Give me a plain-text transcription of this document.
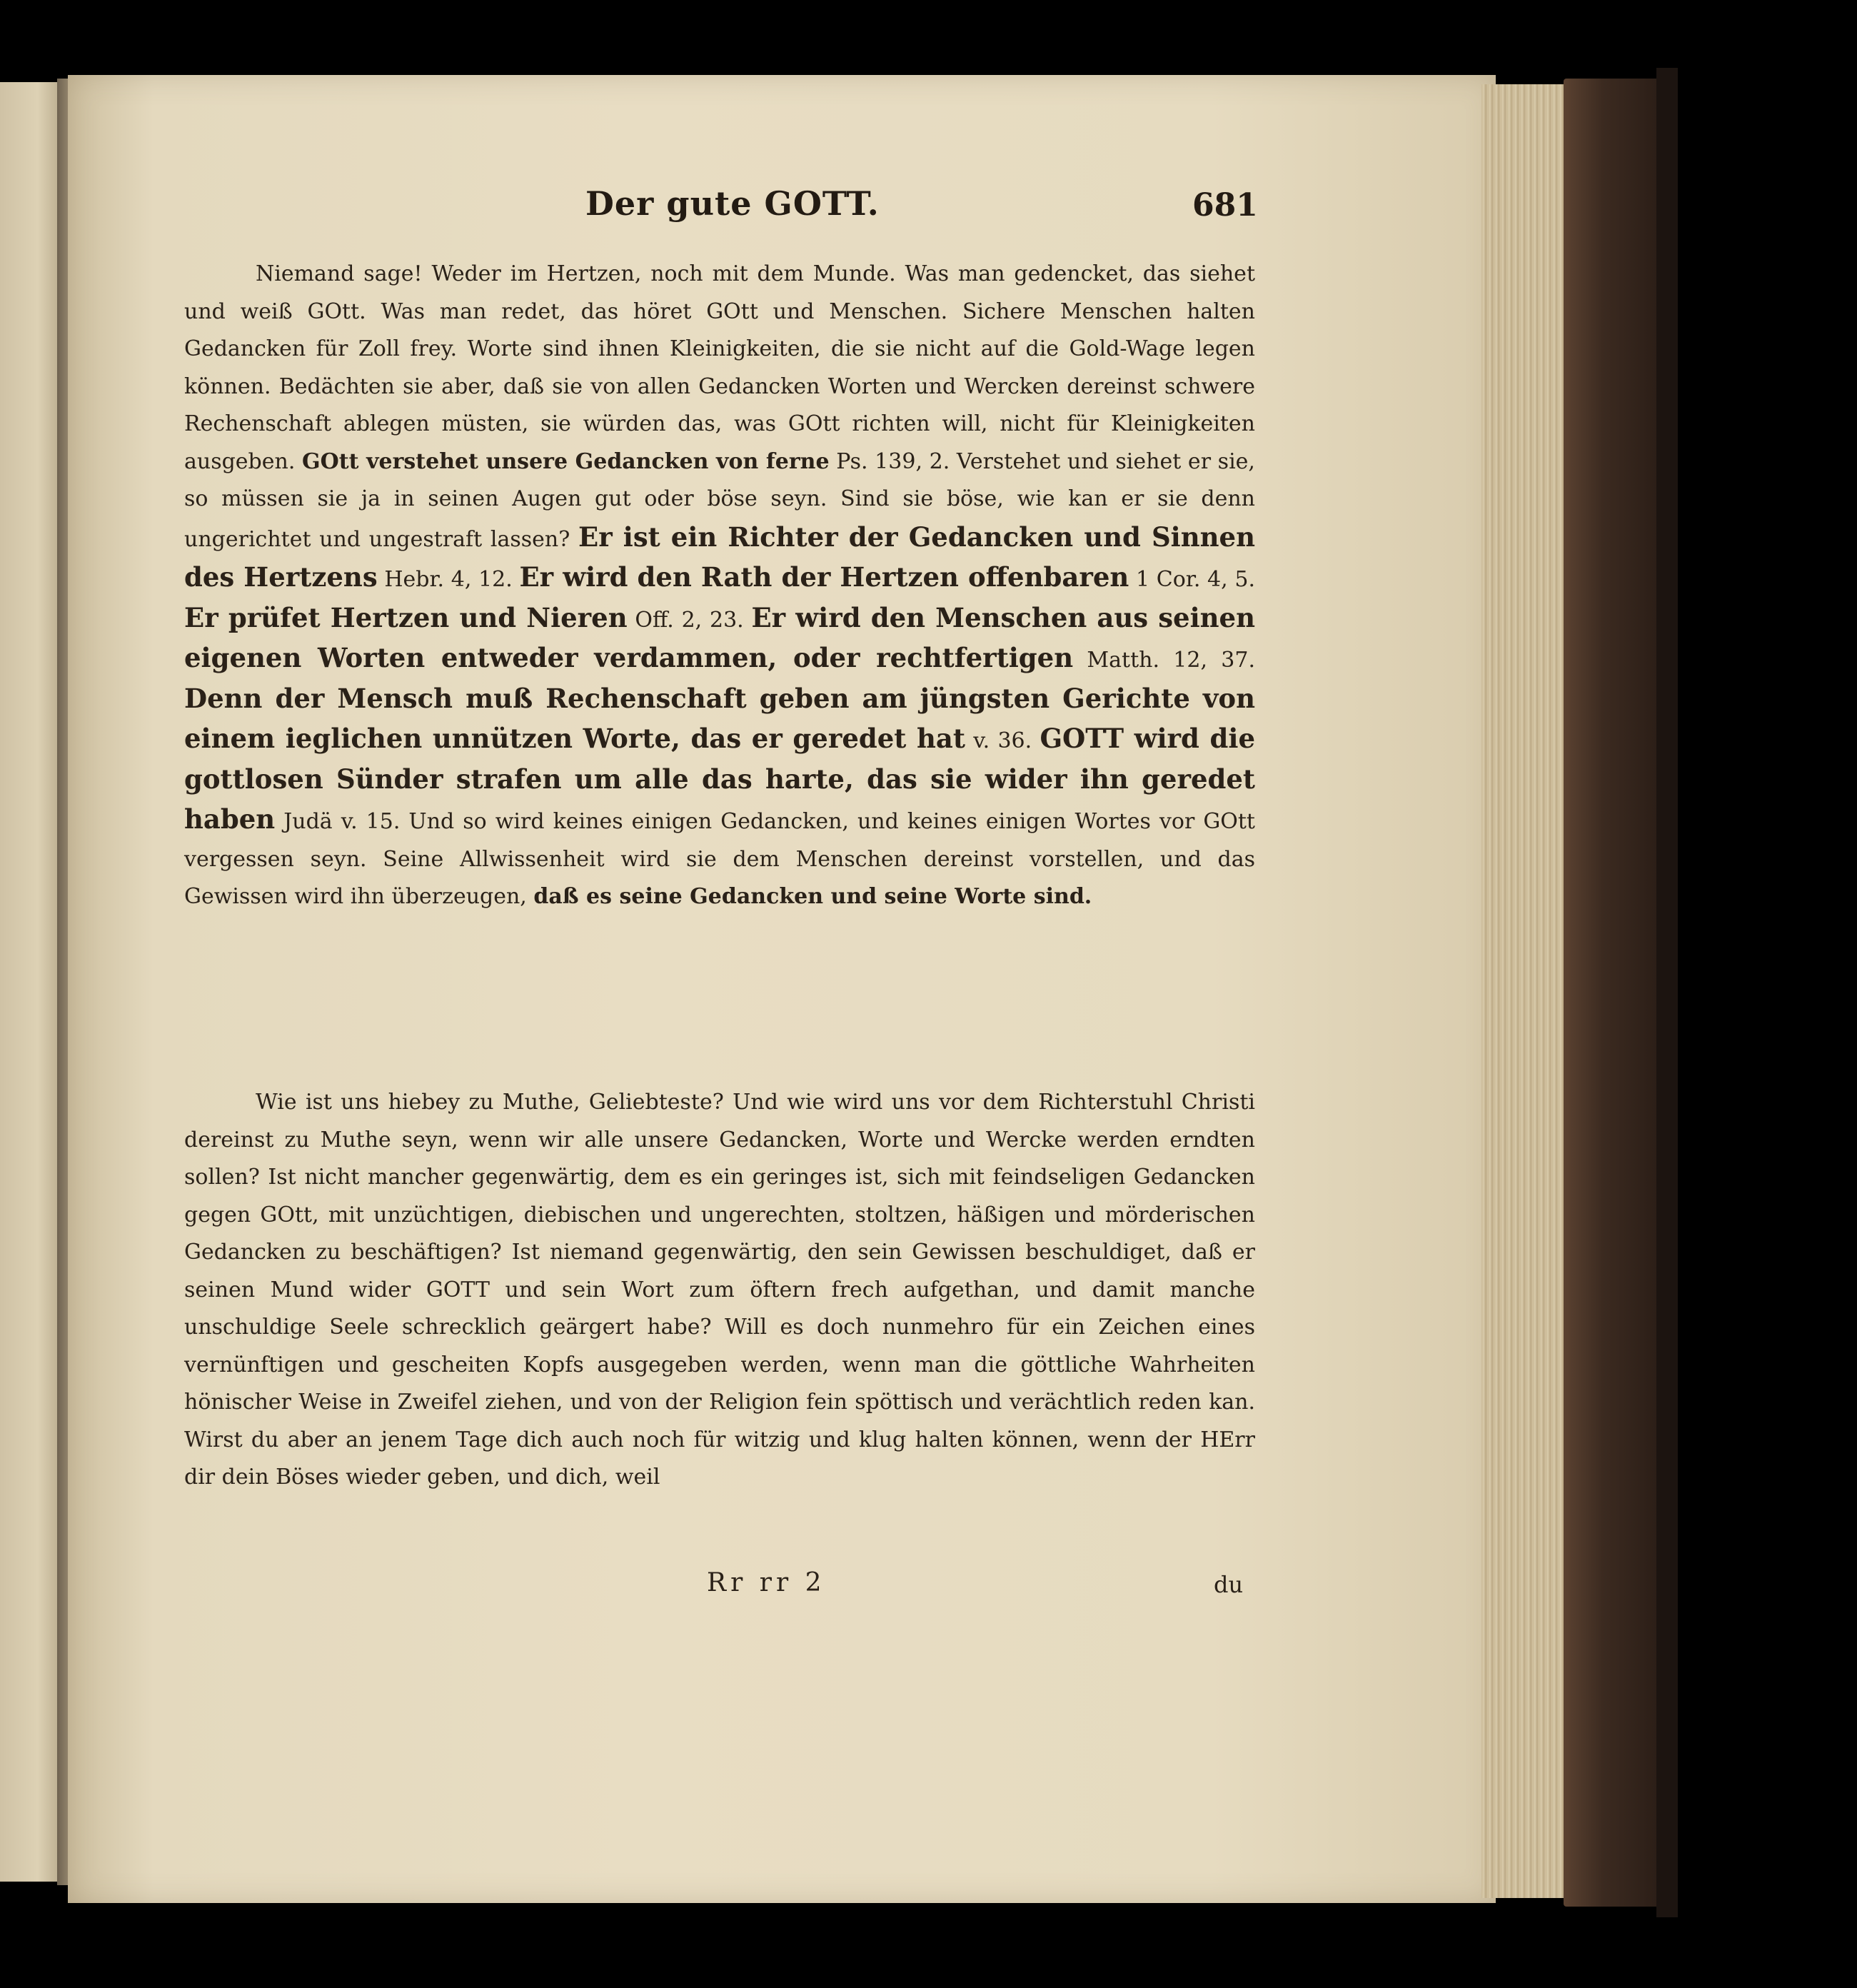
Der gute GOTT.	681

Niemand sage! Weder im Hertzen, noch mit dem Munde. Was man gedencket, das siehet und weiß GOtt. Was man redet, das höret GOtt und Menschen. Sichere Menschen halten Gedancken für Zoll frey. Worte sind ihnen Kleinigkeiten, die sie nicht auf die Gold-Wage legen können. Bedächten sie aber, daß sie von allen Gedancken Worten und Wercken dereinst schwere Rechenschaft ablegen müsten, sie würden das, was GOtt richten will, nicht für Kleinigkeiten ausgeben. GOtt verstehet unsere Gedancken von ferne Ps. 139, 2. Verstehet und siehet er sie, so müssen sie ja in seinen Augen gut oder böse seyn. Sind sie böse, wie kan er sie denn ungerichtet und ungestraft lassen? Er ist ein Richter der Gedancken und Sinnen des Hertzens Hebr. 4, 12. Er wird den Rath der Hertzen offenbaren 1 Cor. 4, 5. Er prüfet Hertzen und Nieren Off. 2, 23. Er wird den Menschen aus seinen eigenen Worten entweder verdammen, oder rechtfertigen Matth. 12, 37. Denn der Mensch muß Rechenschaft geben am jüngsten Gerichte von einem ieglichen unnützen Worte, das er geredet hat v. 36. GOTT wird die gottlosen Sünder strafen um alle das harte, das sie wider ihn geredet haben Judä v. 15. Und so wird keines einigen Gedancken, und keines einigen Wortes vor GOtt vergessen seyn. Seine Allwissenheit wird sie dem Menschen dereinst vorstellen, und das Gewissen wird ihn überzeugen, daß es seine Gedancken und seine Worte sind.

Wie ist uns hiebey zu Muthe, Geliebteste? Und wie wird uns vor dem Richterstuhl Christi dereinst zu Muthe seyn, wenn wir alle unsere Gedancken, Worte und Wercke werden erndten sollen? Ist nicht mancher gegenwärtig, dem es ein geringes ist, sich mit feindseligen Gedancken gegen GOtt, mit unzüchtigen, diebischen und ungerechten, stoltzen, häßigen und mörderischen Gedancken zu beschäftigen? Ist niemand gegenwärtig, den sein Gewissen beschuldiget, daß er seinen Mund wider GOTT und sein Wort zum öftern frech aufgethan, und damit manche unschuldige Seele schrecklich geärgert habe? Will es doch nunmehro für ein Zeichen eines vernünftigen und gescheiten Kopfs ausgegeben werden, wenn man die göttliche Wahrheiten hönischer Weise in Zweifel ziehen, und von der Religion fein spöttisch und verächtlich reden kan. Wirst du aber an jenem Tage dich auch noch für witzig und klug halten können, wenn der HErr dir dein Böses wieder geben, und dich, weil

Rr rr 2	du
